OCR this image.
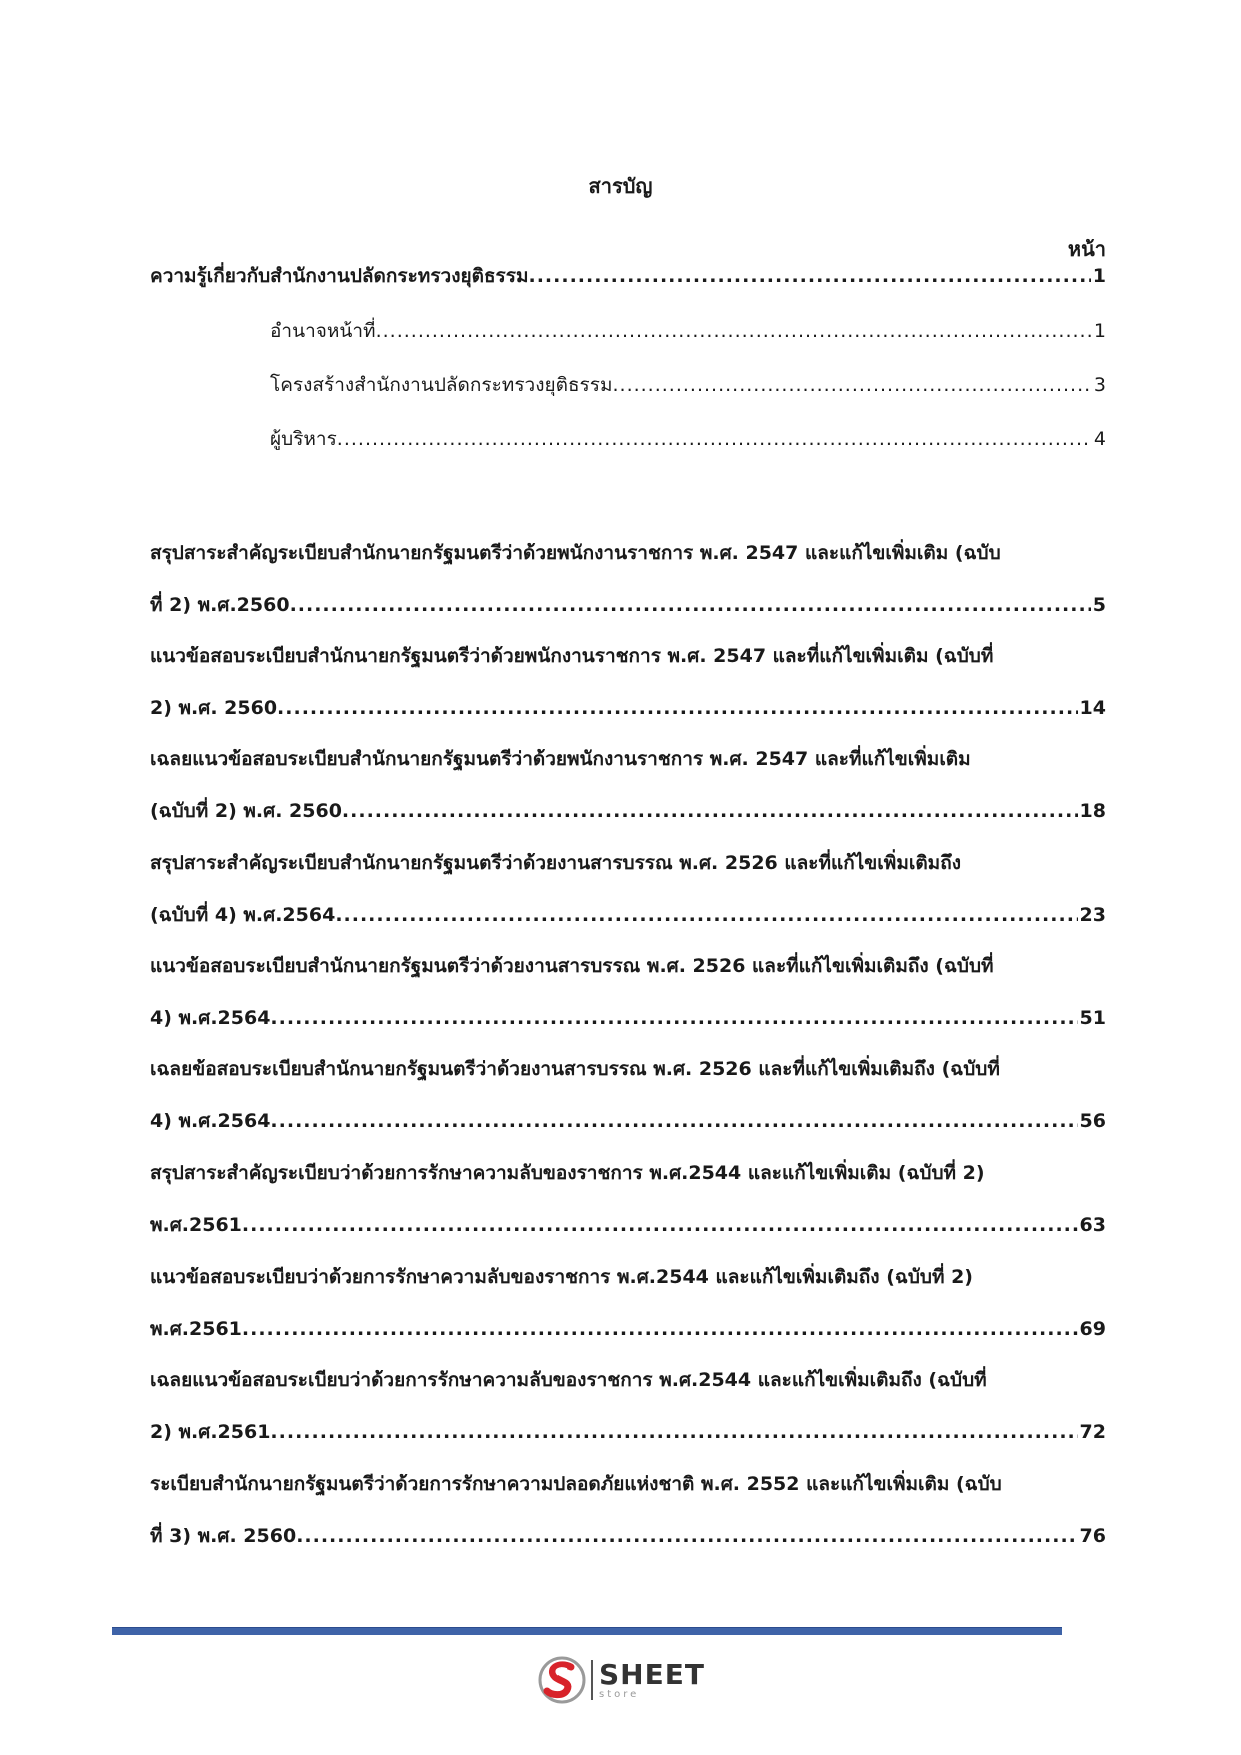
สารบัญ
หน้า
ความรู้เกี่ยวกับสำนักงานปลัดกระทรวงยุติธรรม .....	1
อำนาจหน้าที่ .....	1
โครงสร้างสำนักงานปลัดกระทรวงยุติธรรม .....	3
ผู้บริหาร .....	4
สรุปสาระสำคัญระเบียบสำนักนายกรัฐมนตรีว่าด้วยพนักงานราชการ พ.ศ. 2547 และแก้ไขเพิ่มเติม (ฉบับ
ที่ 2) พ.ศ.2560 .....	5
แนวข้อสอบระเบียบสำนักนายกรัฐมนตรีว่าด้วยพนักงานราชการ พ.ศ. 2547 และที่แก้ไขเพิ่มเติม (ฉบับที่
2) พ.ศ. 2560 .....	14
เฉลยแนวข้อสอบระเบียบสำนักนายกรัฐมนตรีว่าด้วยพนักงานราชการ พ.ศ. 2547 และที่แก้ไขเพิ่มเติม
(ฉบับที่ 2) พ.ศ. 2560 .....	18
สรุปสาระสำคัญระเบียบสำนักนายกรัฐมนตรีว่าด้วยงานสารบรรณ พ.ศ. 2526 และที่แก้ไขเพิ่มเติมถึง
(ฉบับที่ 4) พ.ศ.2564 .....	23
แนวข้อสอบระเบียบสำนักนายกรัฐมนตรีว่าด้วยงานสารบรรณ พ.ศ. 2526 และที่แก้ไขเพิ่มเติมถึง (ฉบับที่
4) พ.ศ.2564 .....	51
เฉลยข้อสอบระเบียบสำนักนายกรัฐมนตรีว่าด้วยงานสารบรรณ พ.ศ. 2526 และที่แก้ไขเพิ่มเติมถึง (ฉบับที่
4) พ.ศ.2564 .....	56
สรุปสาระสำคัญระเบียบว่าด้วยการรักษาความลับของราชการ พ.ศ.2544 และแก้ไขเพิ่มเติม (ฉบับที่ 2)
พ.ศ.2561 .....	63
แนวข้อสอบระเบียบว่าด้วยการรักษาความลับของราชการ พ.ศ.2544 และแก้ไขเพิ่มเติมถึง (ฉบับที่ 2)
พ.ศ.2561 .....	69
เฉลยแนวข้อสอบระเบียบว่าด้วยการรักษาความลับของราชการ พ.ศ.2544 และแก้ไขเพิ่มเติมถึง (ฉบับที่
2) พ.ศ.2561 .....	72
ระเบียบสำนักนายกรัฐมนตรีว่าด้วยการรักษาความปลอดภัยแห่งชาติ พ.ศ. 2552 และแก้ไขเพิ่มเติม (ฉบับ
ที่ 3) พ.ศ. 2560 .....	76
SHEET
store
